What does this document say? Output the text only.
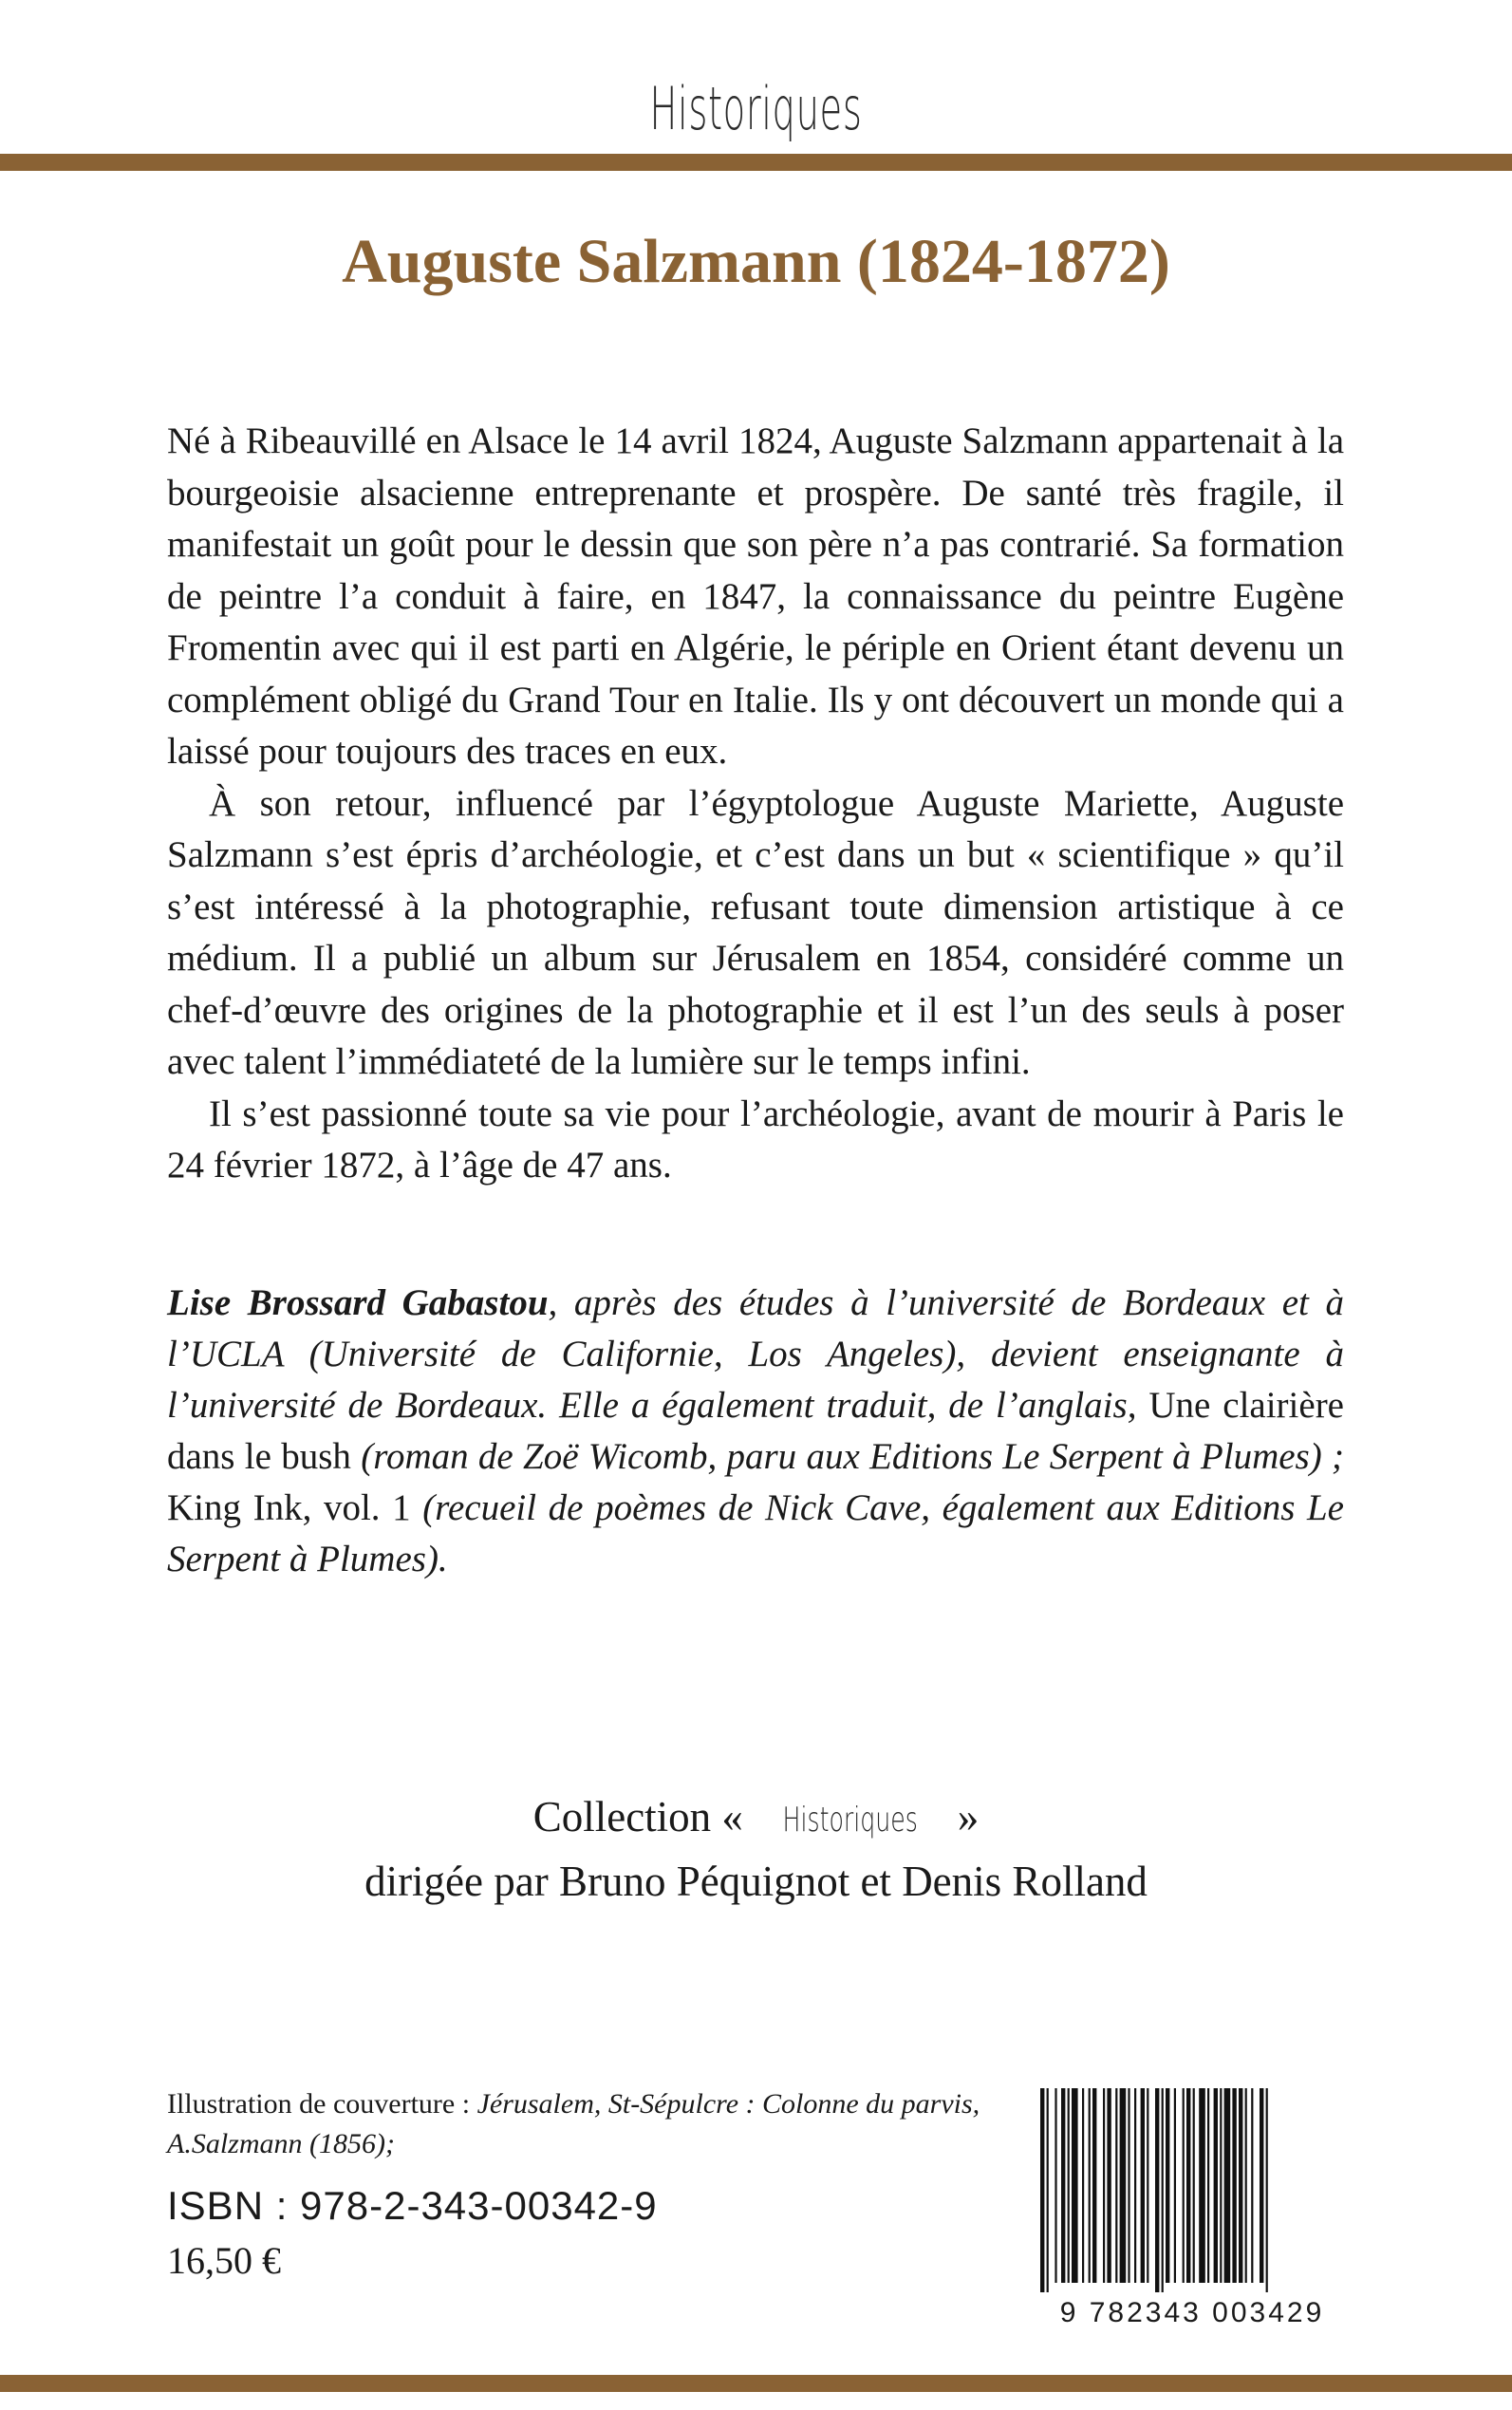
Historiques
Auguste Salzmann (1824-1872)

Né à Ribeauvillé en Alsace le 14 avril 1824, Auguste Salzmann appartenait à la bourgeoisie alsacienne entreprenante et prospère. De santé très fragile, il manifestait un goût pour le dessin que son père n’a pas contrarié. Sa formation de peintre l’a conduit à faire, en 1847, la connaissance du peintre Eugène Fromentin avec qui il est parti en Algérie, le périple en Orient étant devenu un complément obligé du Grand Tour en Italie. Ils y ont découvert un monde qui a laissé pour toujours des traces en eux.

À son retour, influencé par l’égyptologue Auguste Mariette, Auguste Salzmann s’est épris d’archéologie, et c’est dans un but « scientifique » qu’il s’est intéressé à la photographie, refusant toute dimension artistique à ce médium. Il a publié un album sur Jérusalem en 1854, considéré comme un chef-d’œuvre des origines de la photographie et il est l’un des seuls à poser avec talent l’immédiateté de la lumière sur le temps infini.

Il s’est passionné toute sa vie pour l’archéologie, avant de mourir à Paris le 24 février 1872, à l’âge de 47 ans.

Lise Brossard Gabastou, après des études à l’université de Bordeaux et à l’UCLA (Université de Californie, Los Angeles), devient enseignante à l’université de Bordeaux. Elle a également traduit, de l’anglais, Une clairière dans le bush (roman de Zoë Wicomb, paru aux Editions Le Serpent à Plumes) ; King Ink, vol. 1 (recueil de poèmes de Nick Cave, également aux Editions Le Serpent à Plumes).
Collection « Historiques »
dirigée par Bruno Péquignot et Denis Rolland
Illustration de couverture : Jérusalem, St-Sépulcre : Colonne du parvis, A.Salzmann (1856);
ISBN : 978-2-343-00342-9
16,50 €
9 782343 003429
